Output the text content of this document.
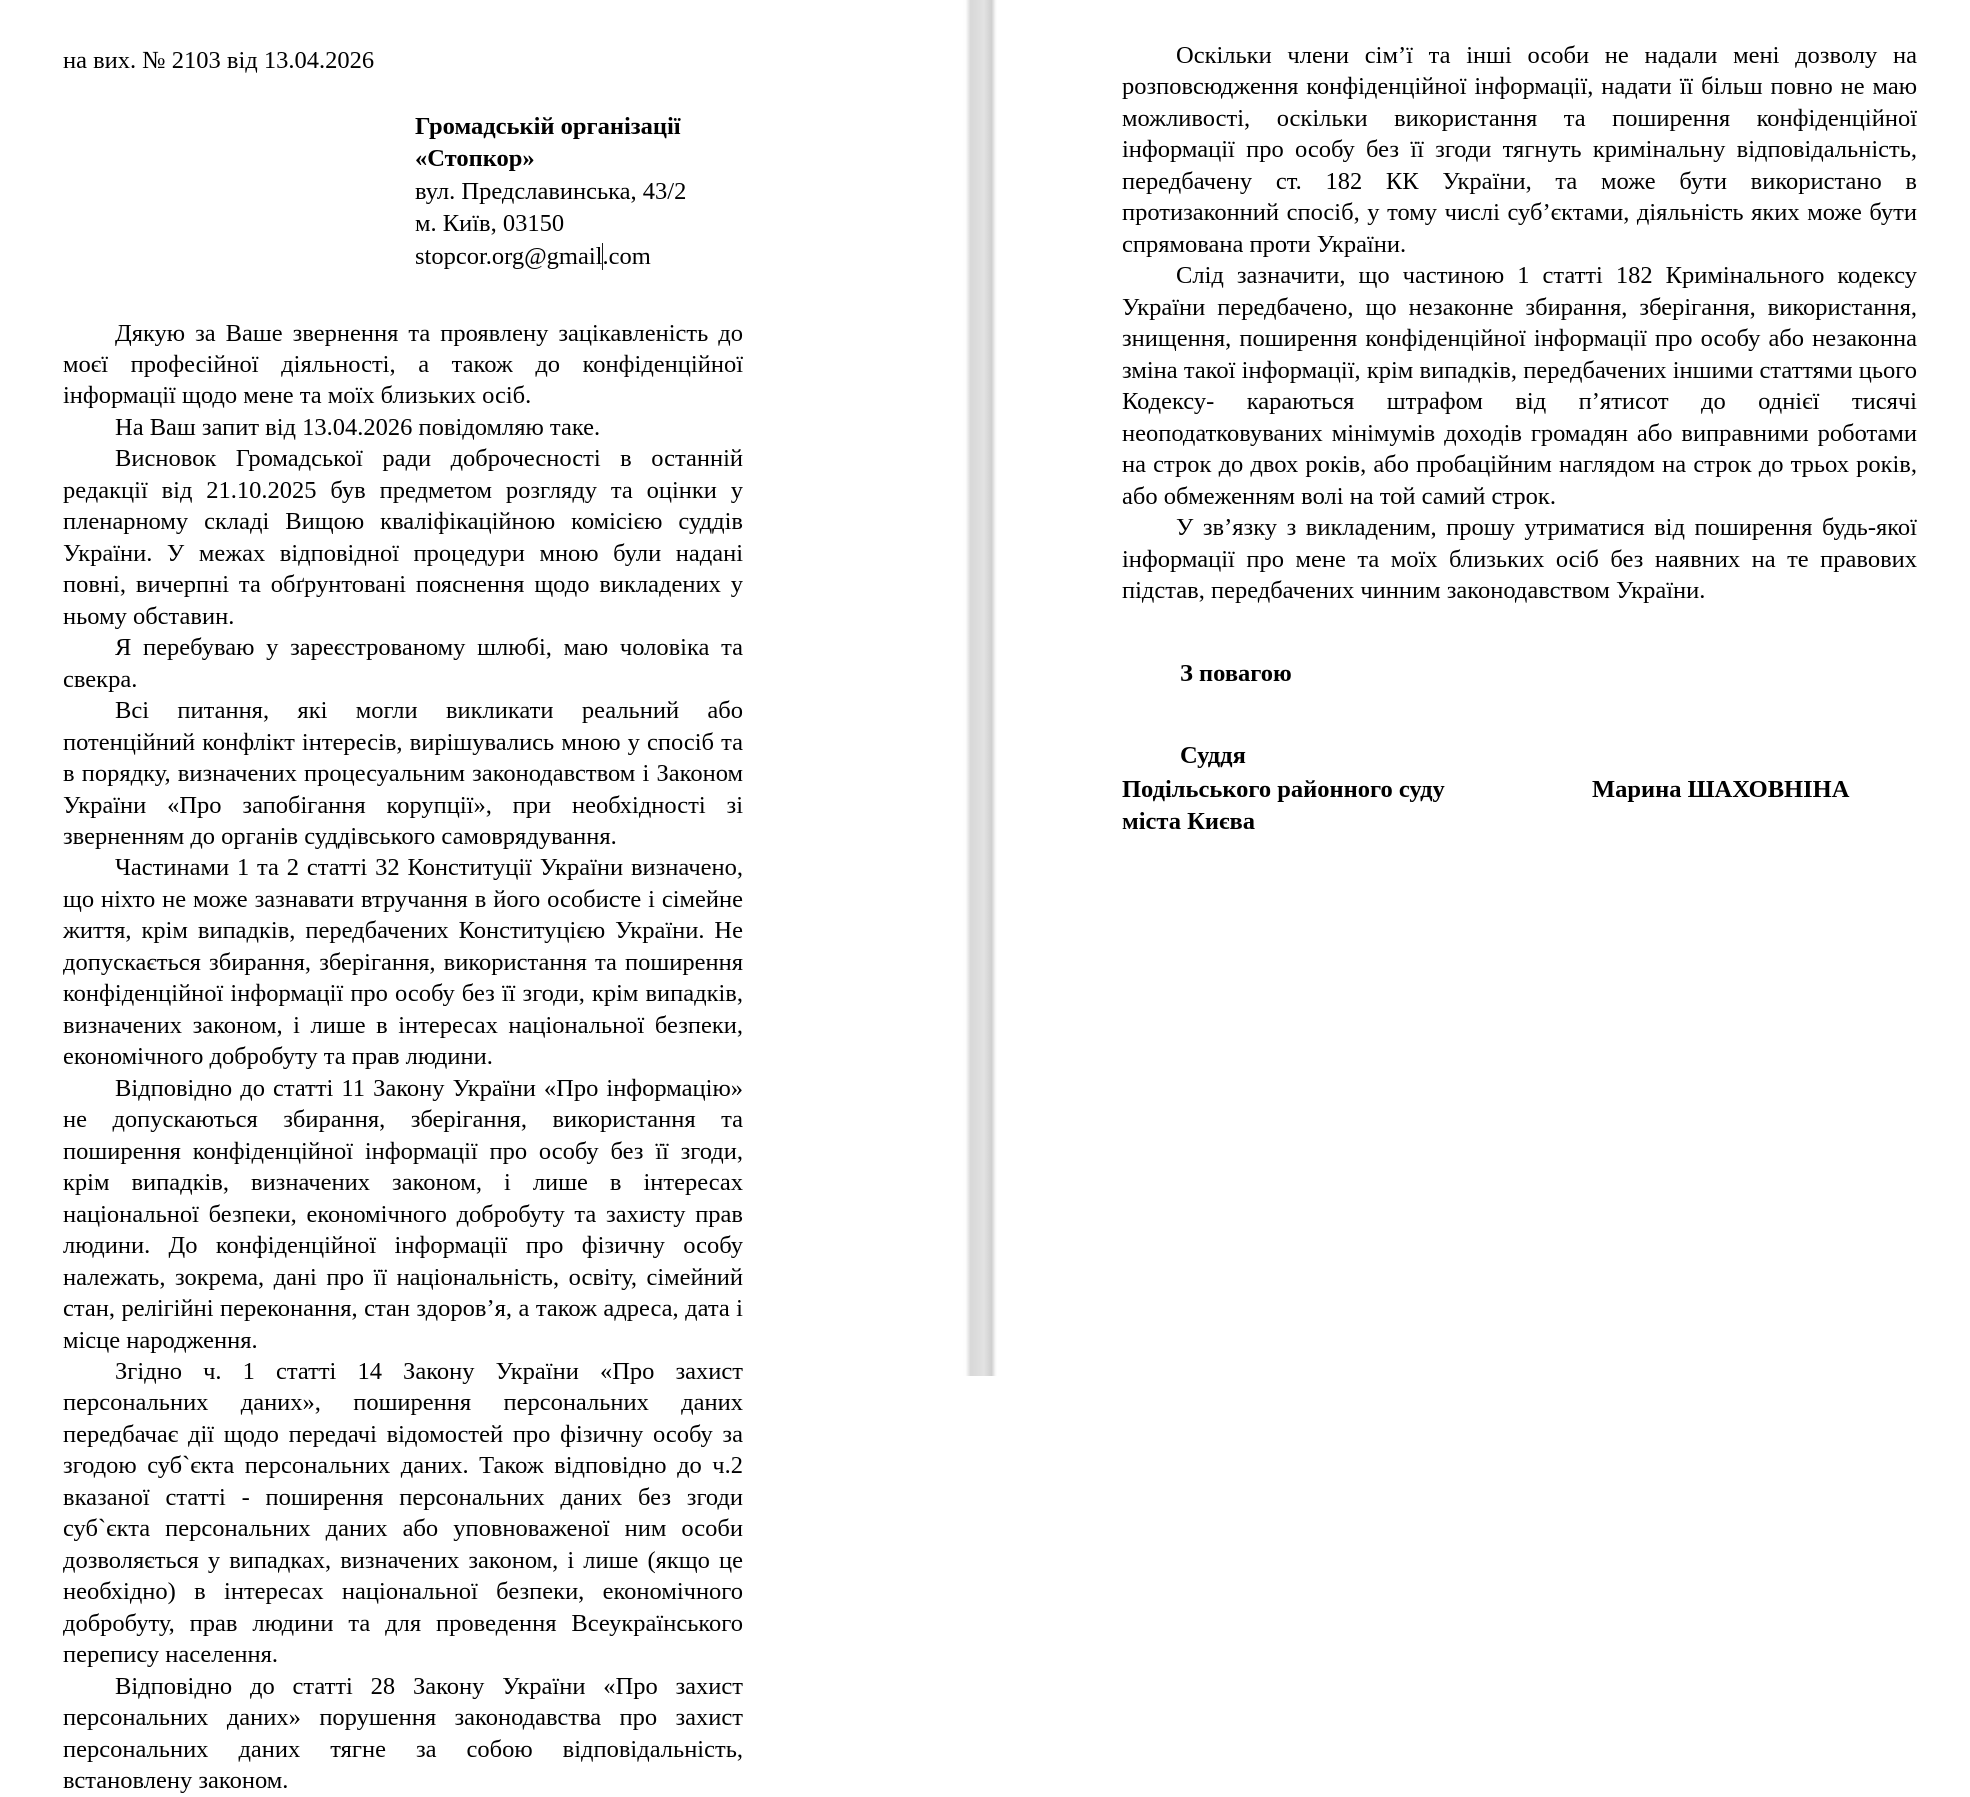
на вих. № 2103 від 13.04.2026
Громадській організації
«Стопкор»
вул. Предславинська, 43/2
м. Київ, 03150
stopcor.org@gmail.com

Дякую за Ваше звернення та проявлену зацікавленість до моєї професійної діяльності, а також до конфіденційної інформації щодо мене та моїх близьких осіб.

На Ваш запит від 13.04.2026 повідомляю таке.

Висновок Громадської ради доброчесності в останній редакції від 21.10.2025 був предметом розгляду та оцінки у пленарному складі Вищою кваліфікаційною комісією суддів України. У межах відповідної процедури мною були надані повні, вичерпні та обґрунтовані пояснення щодо викладених у ньому обставин.

Я перебуваю у зареєстрованому шлюбі, маю чоловіка та свекра.

Всі питання, які могли викликати реальний або потенційний конфлікт інтересів, вирішувались мною у спосіб та в порядку, визначених процесуальним законодавством і Законом України «Про запобігання корупції», при необхідності зі зверненням до органів суддівського самоврядування.

Частинами 1 та 2 статті 32 Конституції України визначено, що ніхто не може зазнавати втручання в його особисте і сімейне життя, крім випадків, передбачених Конституцією України. Не допускається збирання, зберігання, використання та поширення конфіденційної інформації про особу без її згоди, крім випадків, визначених законом, і лише в інтересах національної безпеки, економічного добробуту та прав людини.

Відповідно до статті 11 Закону України «Про інформацію» не допускаються збирання, зберігання, використання та поширення конфіденційної інформації про особу без її згоди, крім випадків, визначених законом, і лише в інтересах національної безпеки, економічного добробуту та захисту прав людини. До конфіденційної інформації про фізичну особу належать, зокрема, дані про її національність, освіту, сімейний стан, релігійні переконання, стан здоров’я, а також адреса, дата і місце народження.

Згідно ч. 1 статті 14 Закону України «Про захист персональних даних», поширення персональних даних передбачає дії щодо передачі відомостей про фізичну особу за згодою суб`єкта персональних даних. Також відповідно до ч.2 вказаної статті - поширення персональних даних без згоди суб`єкта персональних даних або уповноваженої ним особи дозволяється у випадках, визначених законом, і лише (якщо це необхідно) в інтересах національної безпеки, економічного добробуту, прав людини та для проведення Всеукраїнського перепису населення.

Відповідно до статті 28 Закону України «Про захист персональних даних» порушення законодавства про захист персональних даних тягне за собою відповідальність, встановлену законом.

Оскільки члени сім’ї та інші особи не надали мені дозволу на розповсюдження конфіденційної інформації, надати її більш повно не маю можливості, оскільки використання та поширення конфіденційної інформації про особу без її згоди тягнуть кримінальну відповідальність, передбачену ст. 182 КК України, та може бути використано в протизаконний спосіб, у тому числі суб’єктами, діяльність яких може бути спрямована проти України.

Слід зазначити, що частиною 1 статті 182 Кримінального кодексу України передбачено, що незаконне збирання, зберігання, використання, знищення, поширення конфіденційної інформації про особу або незаконна зміна такої інформації, крім випадків, передбачених іншими статтями цього Кодексу- караються штрафом від п’ятисот до однієї тисячі неоподатковуваних мінімумів доходів громадян або виправними роботами на строк до двох років, або пробаційним наглядом на строк до трьох років, або обмеженням волі на той самий строк.

У зв’язку з викладеним, прошу утриматися від поширення будь-якої інформації про мене та моїх близьких осіб без наявних на те правових підстав, передбачених чинним законодавством України.

З повагою
Суддя
Подільського районного суду	Марина ШАХОВНІНА
міста Києва
